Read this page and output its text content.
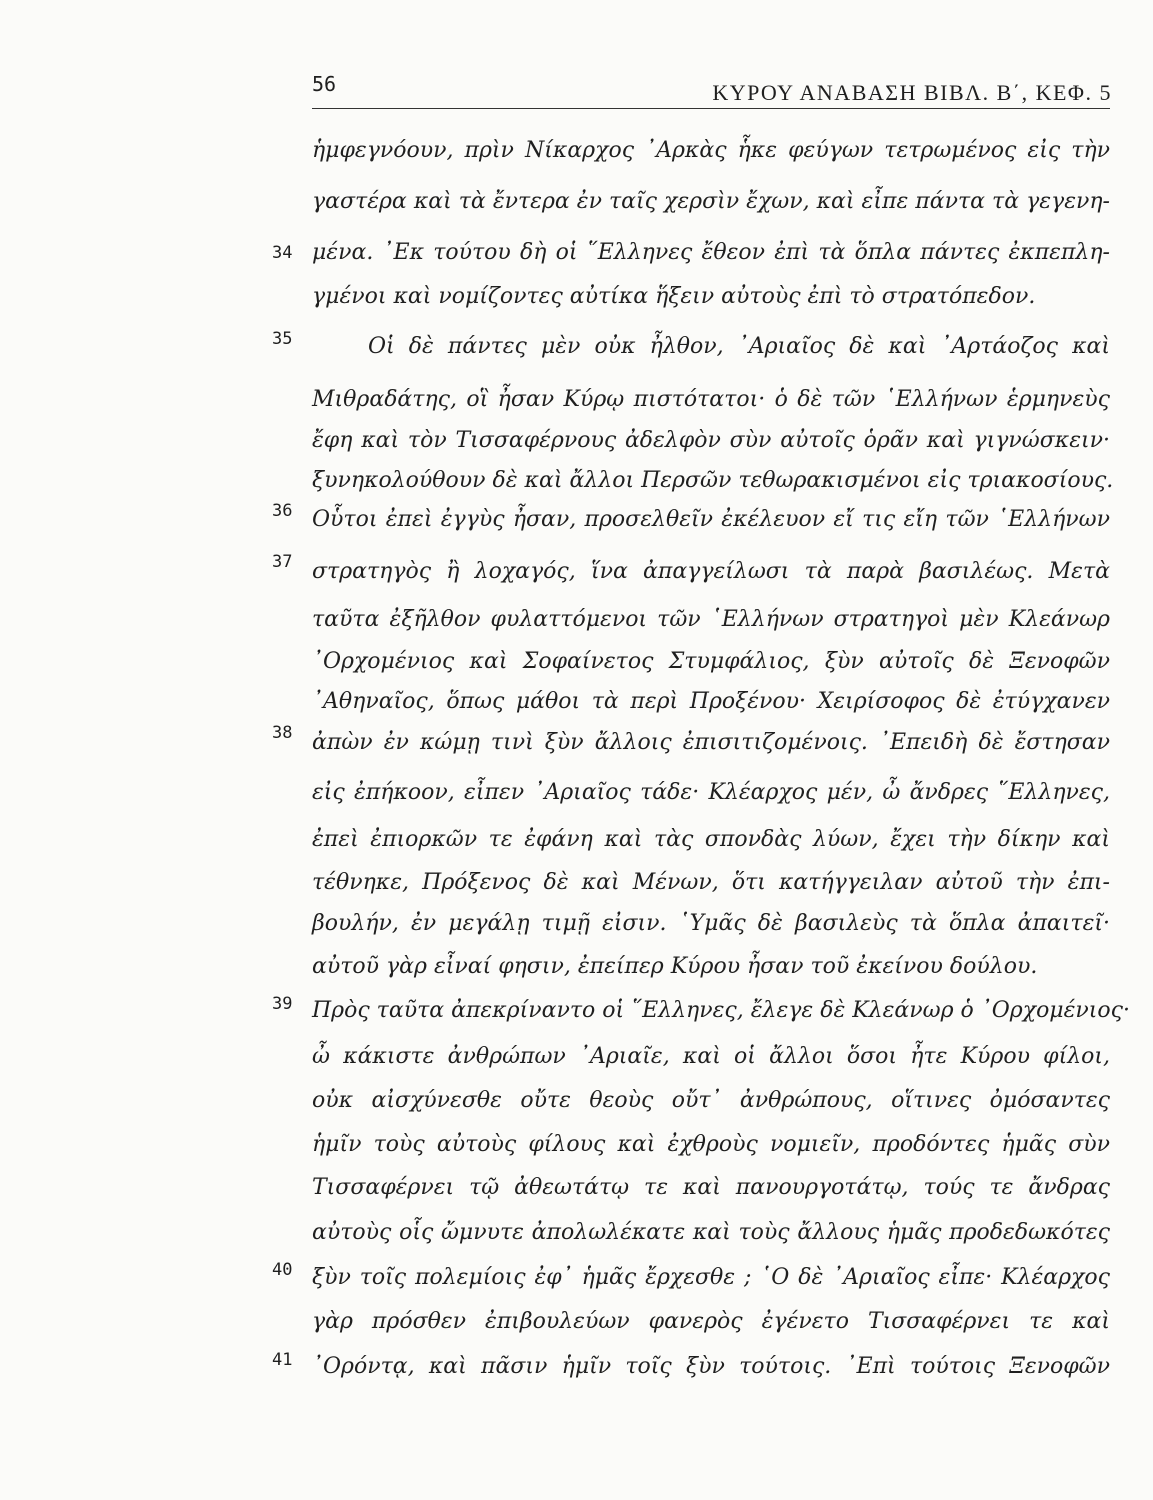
56	ΚΥΡΟΥ ΑΝΑΒΑΣΗ ΒΙΒΛ. Β΄, ΚΕΦ. 5
ἡμφεγνόουν, πρὶν Νίκαρχος ᾿Αρκὰς ἧκε φεύγων τετρωμένος εἰς τὴν
γαστέρα καὶ τὰ ἔντερα ἐν ταῖς χερσὶν ἔχων, καὶ εἶπε πάντα τὰ γεγενη-
μένα. ᾿Εκ τούτου δὴ οἱ ῞Ελληνες ἔθεον ἐπὶ τὰ ὅπλα πάντες ἐκπεπλη-
γμένοι καὶ νομίζοντες αὐτίκα ἥξειν αὐτοὺς ἐπὶ τὸ στρατόπεδον.
Οἱ δὲ πάντες μὲν οὐκ ἦλθον, ᾿Αριαῖος δὲ καὶ ᾿Αρτάοζος καὶ
Μιθραδάτης, οἳ ἦσαν Κύρῳ πιστότατοι· ὁ δὲ τῶν ῾Ελλήνων ἑρμηνεὺς
ἔφη καὶ τὸν Τισσαφέρνους ἀδελφὸν σὺν αὐτοῖς ὁρᾶν καὶ γιγνώσκειν·
ξυνηκολούθουν δὲ καὶ ἄλλοι Περσῶν τεθωρακισμένοι εἰς τριακοσίους.
Οὗτοι ἐπεὶ ἐγγὺς ἦσαν, προσελθεῖν ἐκέλευον εἴ τις εἴη τῶν ῾Ελλήνων
στρατηγὸς ἢ λοχαγός, ἵνα ἀπαγγείλωσι τὰ παρὰ βασιλέως. Μετὰ
ταῦτα ἐξῆλθον φυλαττόμενοι τῶν ῾Ελλήνων στρατηγοὶ μὲν Κλεάνωρ
᾿Ορχομένιος καὶ Σοφαίνετος Στυμφάλιος, ξὺν αὐτοῖς δὲ Ξενοφῶν
᾿Αθηναῖος, ὅπως μάθοι τὰ περὶ Προξένου· Χειρίσοφος δὲ ἐτύγχανεν
ἀπὼν ἐν κώμῃ τινὶ ξὺν ἄλλοις ἐπισιτιζομένοις. ᾿Επειδὴ δὲ ἔστησαν
εἰς ἐπήκοον, εἶπεν ᾿Αριαῖος τάδε· Κλέαρχος μέν, ὦ ἄνδρες ῞Ελληνες,
ἐπεὶ ἐπιορκῶν τε ἐφάνη καὶ τὰς σπονδὰς λύων, ἔχει τὴν δίκην καὶ
τέθνηκε, Πρόξενος δὲ καὶ Μένων, ὅτι κατήγγειλαν αὐτοῦ τὴν ἐπι-
βουλήν, ἐν μεγάλῃ τιμῇ εἰσιν. ῾Υμᾶς δὲ βασιλεὺς τὰ ὅπλα ἀπαιτεῖ·
αὐτοῦ γὰρ εἶναί φησιν, ἐπείπερ Κύρου ἦσαν τοῦ ἐκείνου δούλου.
Πρὸς ταῦτα ἀπεκρίναντο οἱ ῞Ελληνες, ἔλεγε δὲ Κλεάνωρ ὁ ᾿Ορχομένιος·
ὦ κάκιστε ἀνθρώπων ᾿Αριαῖε, καὶ οἱ ἄλλοι ὅσοι ἦτε Κύρου φίλοι,
οὐκ αἰσχύνεσθε οὔτε θεοὺς οὔτ᾿ ἀνθρώπους, οἵτινες ὀμόσαντες
ἡμῖν τοὺς αὐτοὺς φίλους καὶ ἐχθροὺς νομιεῖν, προδόντες ἡμᾶς σὺν
Τισσαφέρνει τῷ ἀθεωτάτῳ τε καὶ πανουργοτάτῳ, τούς τε ἄνδρας
αὐτοὺς οἷς ὤμνυτε ἀπολωλέκατε καὶ τοὺς ἄλλους ἡμᾶς προδεδωκότες
ξὺν τοῖς πολεμίοις ἐφ᾿ ἡμᾶς ἔρχεσθε ; ῾Ο δὲ ᾿Αριαῖος εἶπε· Κλέαρχος
γὰρ πρόσθεν ἐπιβουλεύων φανερὸς ἐγένετο Τισσαφέρνει τε καὶ
᾿Ορόντᾳ, καὶ πᾶσιν ἡμῖν τοῖς ξὺν τούτοις. ᾿Επὶ τούτοις Ξενοφῶν
34
35
36
37
38
39
40
41
